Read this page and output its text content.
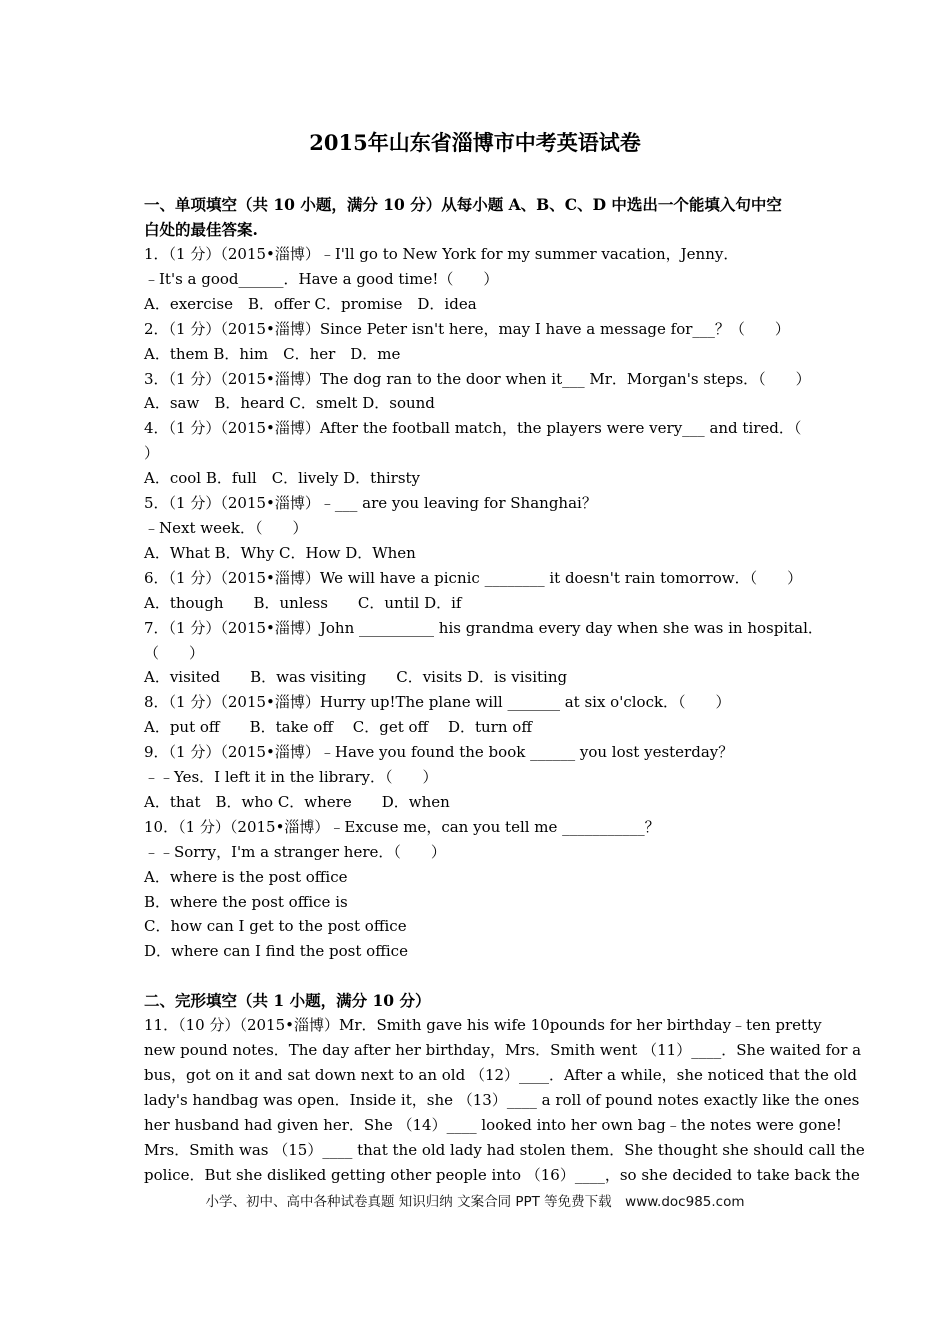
2015年山东省淄博市中考英语试卷
一、单项填空（共 10 小题，满分 10 分）从每小题 A、B、C、D 中选出一个能填入句中空
白处的最佳答案.
1．（1 分）（2015•淄博）﹣I'll go to New York for my summer vacation，Jenny．
﹣It's a good______．Have a good time!（　　）
A．exercise　B．offer C．promise　D．idea
2．（1 分）（2015•淄博）Since Peter isn't here，may I have a message for___？（　　）
A．them B．him　C．her　D．me
3．（1 分）（2015•淄博）The dog ran to the door when it___ Mr．Morgan's steps．（　　）
A．saw　B．heard C．smelt D．sound
4．（1 分）（2015•淄博）After the football match，the players were very___ and tired．（
）
A．cool B．full　C．lively D．thirsty
5．（1 分）（2015•淄博）﹣___ are you leaving for Shanghai？
﹣Next week．（　　）
A．What B．Why C．How D．When
6．（1 分）（2015•淄博）We will have a picnic ________ it doesn't rain tomorrow．（　　）
A．though　　B．unless　　C．until D．if
7．（1 分）（2015•淄博）John __________ his grandma every day when she was in hospital．
（　　）
A．visited　　B．was visiting　　C．visits D．is visiting
8．（1 分）（2015•淄博）Hurry up!The plane will _______ at six o'clock．（　　）
A．put off　　B．take off　 C．get off　 D．turn off
9．（1 分）（2015•淄博）﹣Have you found the book ______ you lost yesterday？
﹣﹣Yes．I left it in the library．（　　）
A．that　B．who C．where　　D．when
10．（1 分）（2015•淄博）﹣Excuse me，can you tell me ___________？
﹣﹣Sorry，I'm a stranger here．（　　）
A．where is the post office
B．where the post office is
C．how can I get to the post office
D．where can I find the post office
二、完形填空（共 1 小题，满分 10 分）
11．（10 分）（2015•淄博）Mr．Smith gave his wife 10pounds for her birthday﹣ten pretty
new pound notes．The day after her birthday，Mrs．Smith went （11）____．She waited for a
bus，got on it and sat down next to an old （12）____．After a while，she noticed that the old
lady's handbag was open．Inside it，she （13）____ a roll of pound notes exactly like the ones
her husband had given her．She （14）____ looked into her own bag﹣the notes were gone!
Mrs．Smith was （15）____ that the old lady had stolen them．She thought she should call the
police．But she disliked getting other people into （16）____，so she decided to take back the
小学、初中、高中各种试卷真题 知识归纳 文案合同 PPT 等免费下载　www.doc985.com
